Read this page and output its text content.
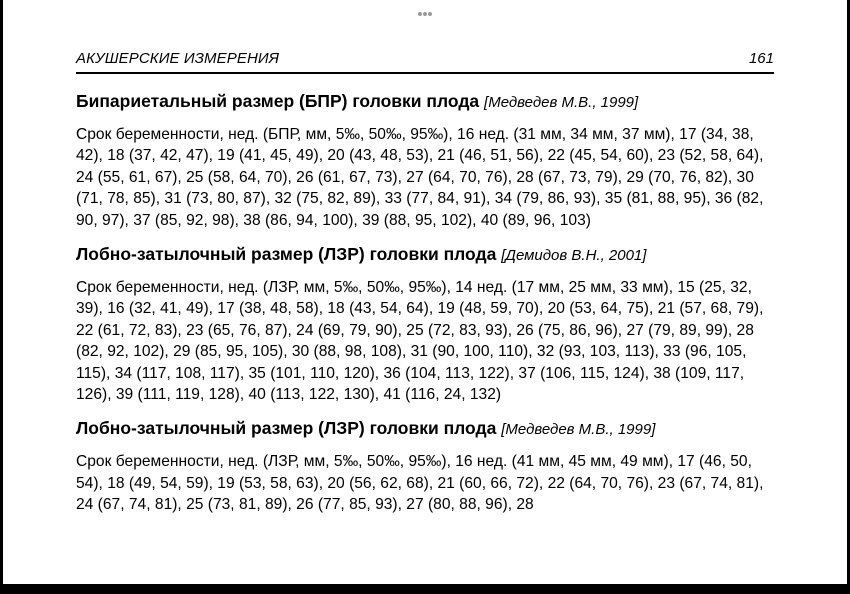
АКУШЕРСКИЕ ИЗМЕРЕНИЯ	161
Бипариетальный размер (БПР) головки плода [Медведев М.В., 1999]

Срок беременности, нед. (БПР, мм, 5‰, 50‰, 95‰), 16 нед. (31 мм, 34 мм, 37 мм), 17 (34, 38, 42), 18 (37, 42, 47), 19 (41, 45, 49), 20 (43, 48, 53), 21 (46, 51, 56), 22 (45, 54, 60), 23 (52, 58, 64), 24 (55, 61, 67), 25 (58, 64, 70), 26 (61, 67, 73), 27 (64, 70, 76), 28 (67, 73, 79), 29 (70, 76, 82), 30 (71, 78, 85), 31 (73, 80, 87), 32 (75, 82, 89), 33 (77, 84, 91), 34 (79, 86, 93), 35 (81, 88, 95), 36 (82, 90, 97), 37 (85, 92, 98), 38 (86, 94, 100), 39 (88, 95, 102), 40 (89, 96, 103)

Лобно-затылочный размер (ЛЗР) головки плода [Демидов В.Н., 2001]

Срок беременности, нед. (ЛЗР, мм, 5‰, 50‰, 95‰), 14 нед. (17 мм, 25 мм, 33 мм), 15 (25, 32, 39), 16 (32, 41, 49), 17 (38, 48, 58), 18 (43, 54, 64), 19 (48, 59, 70), 20 (53, 64, 75), 21 (57, 68, 79), 22 (61, 72, 83), 23 (65, 76, 87), 24 (69, 79, 90), 25 (72, 83, 93), 26 (75, 86, 96), 27 (79, 89, 99), 28 (82, 92, 102), 29 (85, 95, 105), 30 (88, 98, 108), 31 (90, 100, 110), 32 (93, 103, 113), 33 (96, 105, 115), 34 (117, 108, 117), 35 (101, 110, 120), 36 (104, 113, 122), 37 (106, 115, 124), 38 (109, 117, 126), 39 (111, 119, 128), 40 (113, 122, 130), 41 (116, 24, 132)

Лобно-затылочный размер (ЛЗР) головки плода [Медведев М.В., 1999]

Срок беременности, нед. (ЛЗР, мм, 5‰, 50‰, 95‰), 16 нед. (41 мм, 45 мм, 49 мм), 17 (46, 50, 54), 18 (49, 54, 59), 19 (53, 58, 63), 20 (56, 62, 68), 21 (60, 66, 72), 22 (64, 70, 76), 23 (67, 74, 81), 24 (67, 74, 81), 25 (73, 81, 89), 26 (77, 85, 93), 27 (80, 88, 96), 28
